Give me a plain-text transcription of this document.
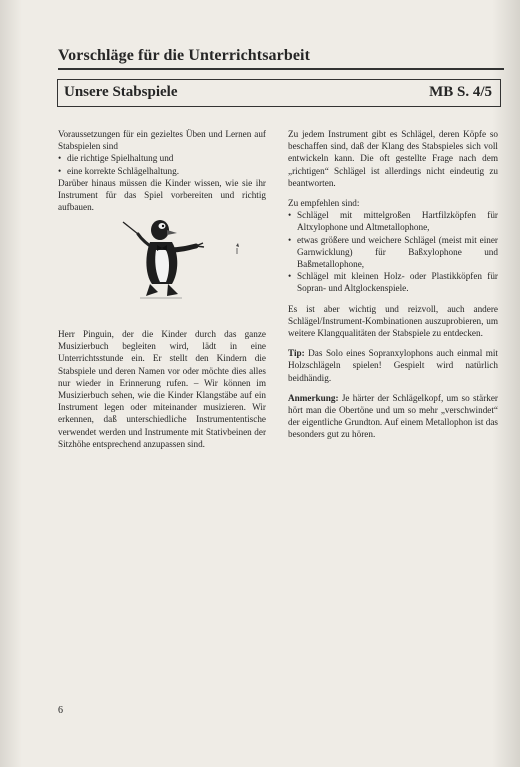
Vorschläge für die Unterrichtsarbeit
Unsere Stabspiele	MB S. 4/5

Voraussetzungen für ein gezieltes Üben und Lernen auf Stabspielen sind

• die richtige Spielhaltung und
• eine korrekte Schlägelhaltung.

Darüber hinaus müssen die Kinder wissen, wie sie ihr Instrument für das Spiel vorbereiten und richtig aufbauen.

Herr Pinguin, der die Kinder durch das ganze Musizierbuch begleiten wird, lädt in eine Unterrichtsstunde ein. Er stellt den Kindern die Stabspiele und deren Namen vor oder möchte dies alles nur wieder in Erinnerung rufen. – Wir können im Musizierbuch sehen, wie die Kinder Klangstäbe auf ein Instrument legen oder miteinander musizieren. Wir erkennen, daß unterschiedliche Instrumententische verwendet werden und Instrumente mit Stativbeinen der Sitzhöhe entsprechend anzupassen sind.

Zu jedem Instrument gibt es Schlägel, deren Köpfe so beschaffen sind, daß der Klang des Stabspieles sich voll entwickeln kann. Die oft gestellte Frage nach dem „richtigen“ Schlägel ist allerdings nicht eindeutig zu beantworten.

Zu empfehlen sind:

• Schlägel mit mittelgroßen Hartfilzköpfen für Altxylophone und Altmetallophone,
• etwas größere und weichere Schlägel (meist mit einer Garnwicklung) für Baßxylophone und Baßmetallophone,
• Schlägel mit kleinen Holz- oder Plastikköpfen für Sopran- und Altglockenspiele.

Es ist aber wichtig und reizvoll, auch andere Schlägel/Instrument-Kombinationen auszuprobieren, um weitere Klangqualitäten der Stabspiele zu entdecken.

Tip: Das Solo eines Sopranxylophons auch einmal mit Holzschlägeln spielen! Gespielt wird natürlich beidhändig.

Anmerkung: Je härter der Schlägelkopf, um so stärker hört man die Obertöne und um so mehr „verschwindet“ der eigentliche Grundton. Auf einem Metallophon ist das besonders gut zu hören.

6
